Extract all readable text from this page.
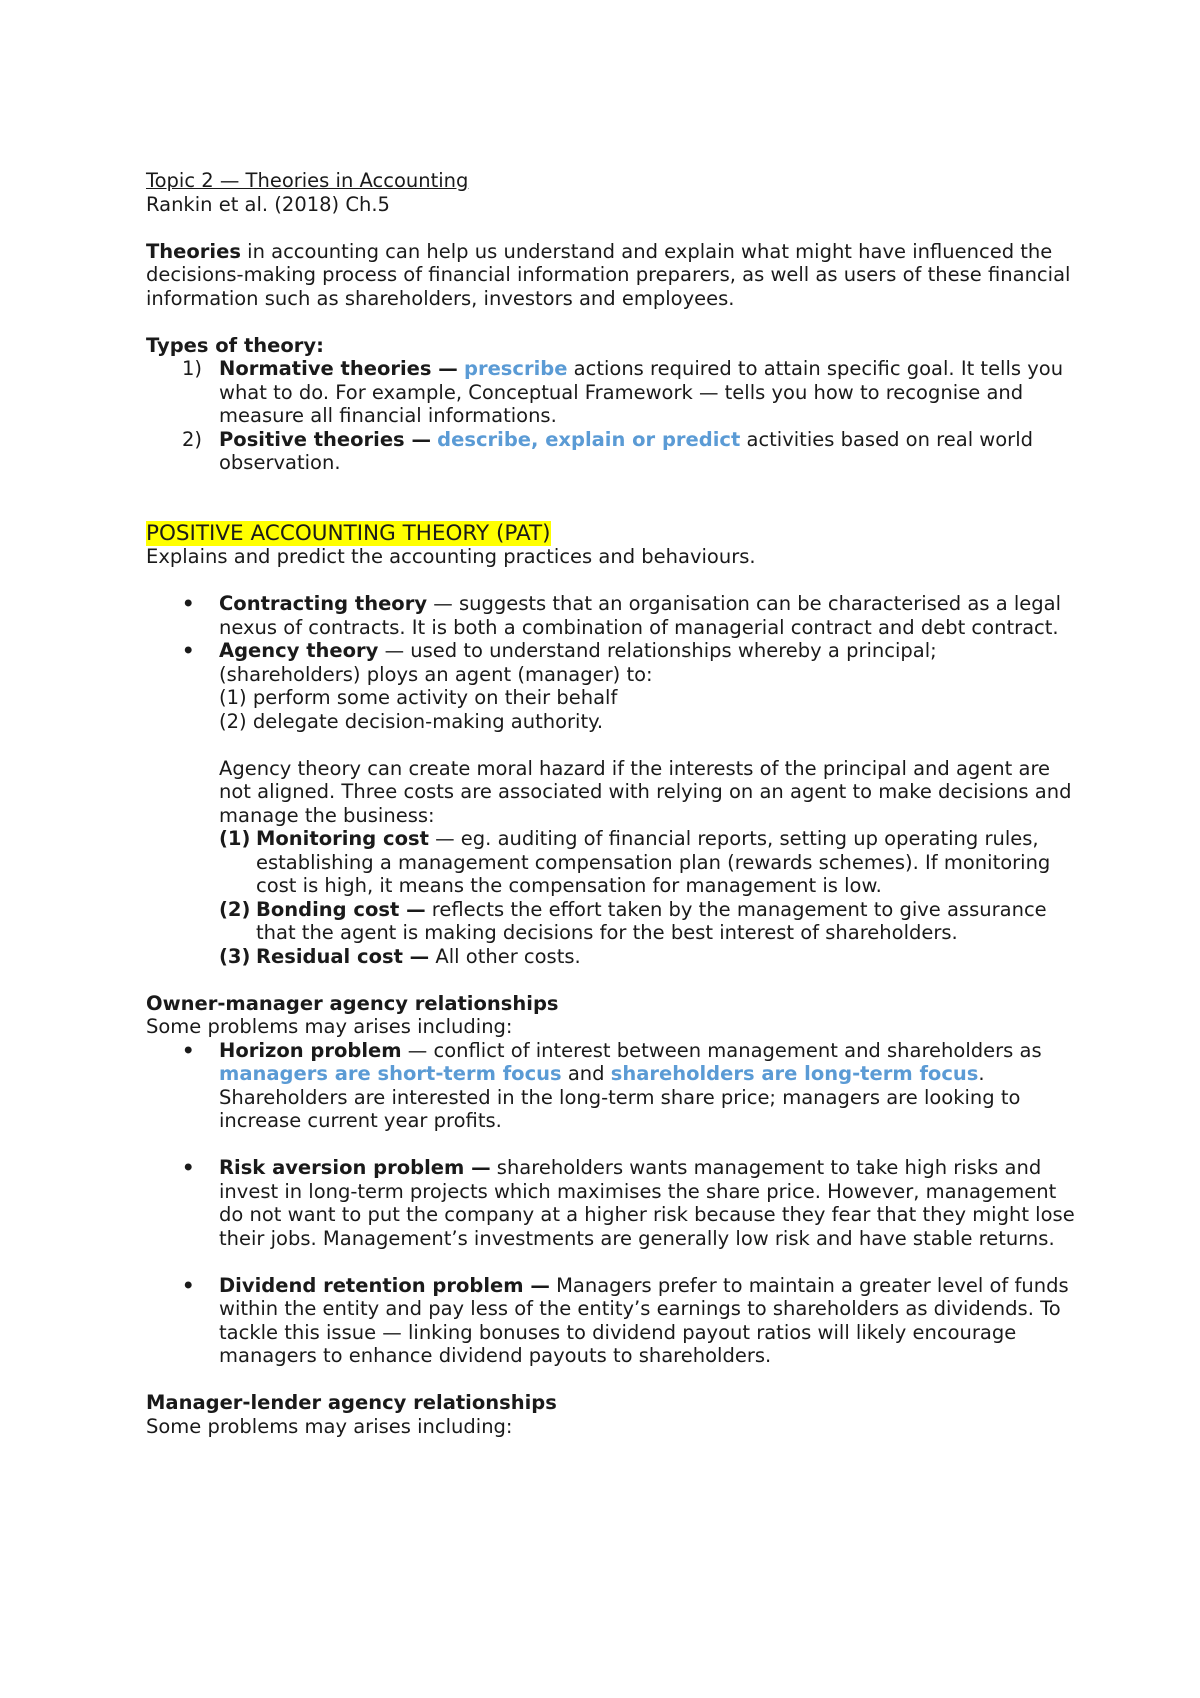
Topic 2 — Theories in Accounting

Rankin et al. (2018) Ch.5

Theories in accounting can help us understand and explain what might have influenced the decisions-making process of financial information preparers, as well as users of these financial information such as shareholders, investors and employees.

Types of theory:

1) Normative theories — prescribe actions required to attain specific goal. It tells you what to do. For example, Conceptual Framework — tells you how to recognise and measure all financial informations.

2) Positive theories — describe, explain or predict activities based on real world observation.

POSITIVE ACCOUNTING THEORY (PAT)

Explains and predict the accounting practices and behaviours.

• Contracting theory — suggests that an organisation can be characterised as a legal nexus of contracts. It is both a combination of managerial contract and debt contract.

• Agency theory — used to understand relationships whereby a principal; (shareholders) ploys an agent (manager) to:

(1) perform some activity on their behalf

(2) delegate decision-making authority.

Agency theory can create moral hazard if the interests of the principal and agent are not aligned. Three costs are associated with relying on an agent to make decisions and manage the business:

(1) Monitoring cost — eg. auditing of financial reports, setting up operating rules, establishing a management compensation plan (rewards schemes). If monitoring cost is high, it means the compensation for management is low.

(2) Bonding cost — reflects the effort taken by the management to give assurance that the agent is making decisions for the best interest of shareholders.

(3) Residual cost — All other costs.

Owner-manager agency relationships

Some problems may arises including:

• Horizon problem — conflict of interest between management and shareholders as managers are short-term focus and shareholders are long-term focus. Shareholders are interested in the long-term share price; managers are looking to increase current year profits.

• Risk aversion problem — shareholders wants management to take high risks and invest in long-term projects which maximises the share price. However, management do not want to put the company at a higher risk because they fear that they might lose their jobs. Management’s investments are generally low risk and have stable returns.

• Dividend retention problem — Managers prefer to maintain a greater level of funds within the entity and pay less of the entity’s earnings to shareholders as dividends. To tackle this issue — linking bonuses to dividend payout ratios will likely encourage managers to enhance dividend payouts to shareholders.

Manager-lender agency relationships

Some problems may arises including:
